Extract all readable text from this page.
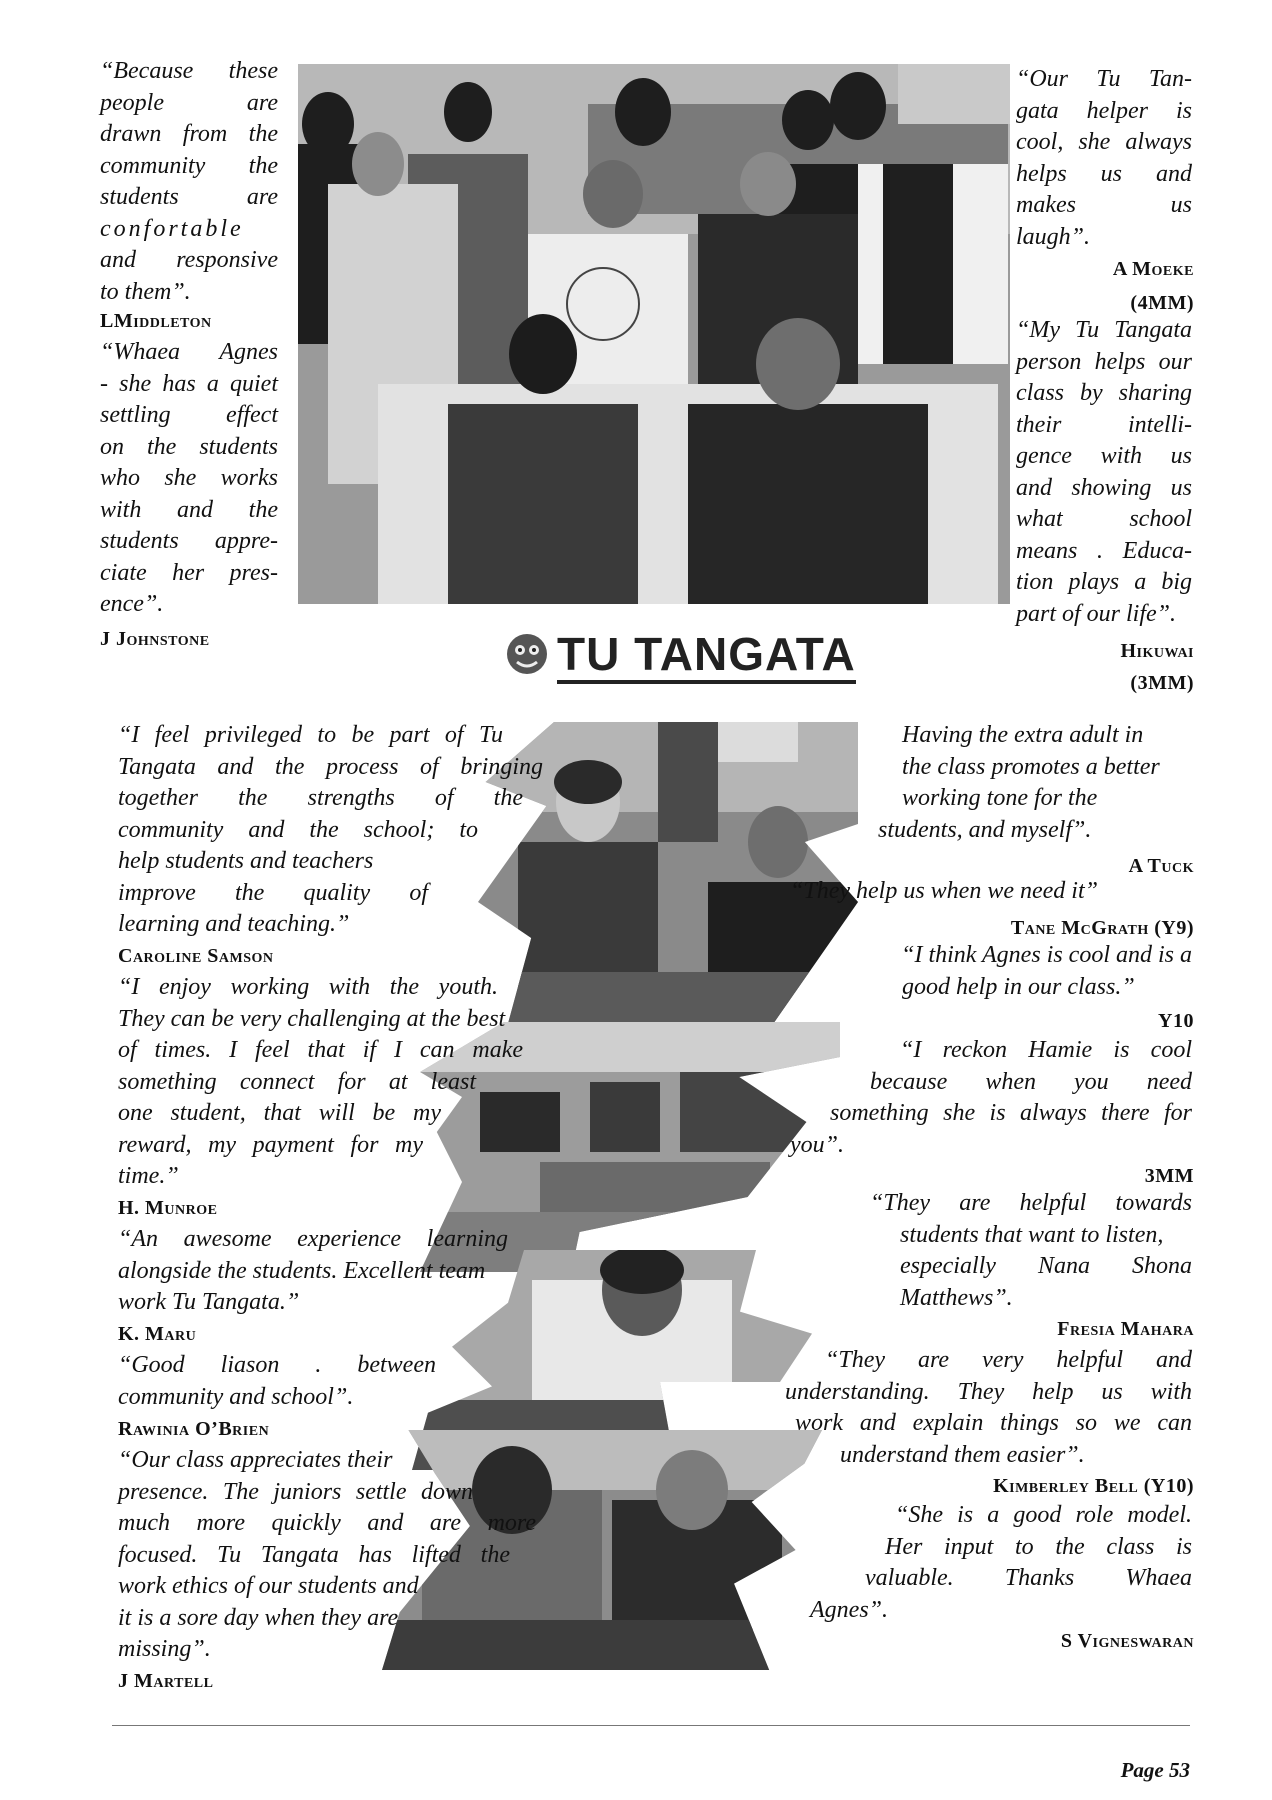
“Because these

people are

drawn from the

community the

students are

confortable

and responsive

to them”.

LMiddleton

“Whaea Agnes

- she has a quiet

settling effect

on the students

who she works

with and the

students appre-

ciate her pres-

ence”.

J Johnstone

“Our Tu Tan-

gata helper is

cool, she always

helps us and

makes us

laugh”.

A Moeke
(4MM)

“My Tu Tangata

person helps our

class by sharing

their intelli-

gence with us

and showing us

what school

means . Educa-

tion plays a big

part of our life”.

Hikuwai
(3MM)
TU TANGATA

“I feel privileged to be part of Tu

Tangata and the process of bringing

together the strengths of the

community and the school; to

help students and teachers

improve the quality of

learning and teaching.”

Caroline Samson

“I enjoy working with the youth.

They can be very challenging at the best

of times. I feel that if I can make

something connect for at least

one student, that will be my

reward, my payment for my

time.”

H. Munroe

“An awesome experience learning

alongside the students. Excellent team

work Tu Tangata.”

K. Maru

“Good liason . between

community and school”.

Rawinia O’Brien

“Our class appreciates their

presence. The juniors settle down

much more quickly and are more

focused. Tu Tangata has lifted the

work ethics of our students and

it is a sore day when they are

missing”.

J Martell

Having the extra adult in

the class promotes a better

working tone for the

students, and myself”.

A Tuck

“They help us when we need it”

Tane McGrath (Y9)

“I think Agnes is cool and is a

good help in our class.”

Y10

“I reckon Hamie is cool

because when you need

something she is always there for

you”.

3MM

“They are helpful towards

students that want to listen,

especially Nana Shona

Matthews”.

Fresia Mahara

“They are very helpful and

understanding. They help us with

work and explain things so we can

understand them easier”.

Kimberley Bell (Y10)

“She is a good role model.

Her input to the class is

valuable. Thanks Whaea

Agnes”.

S Vigneswaran
Page 53
